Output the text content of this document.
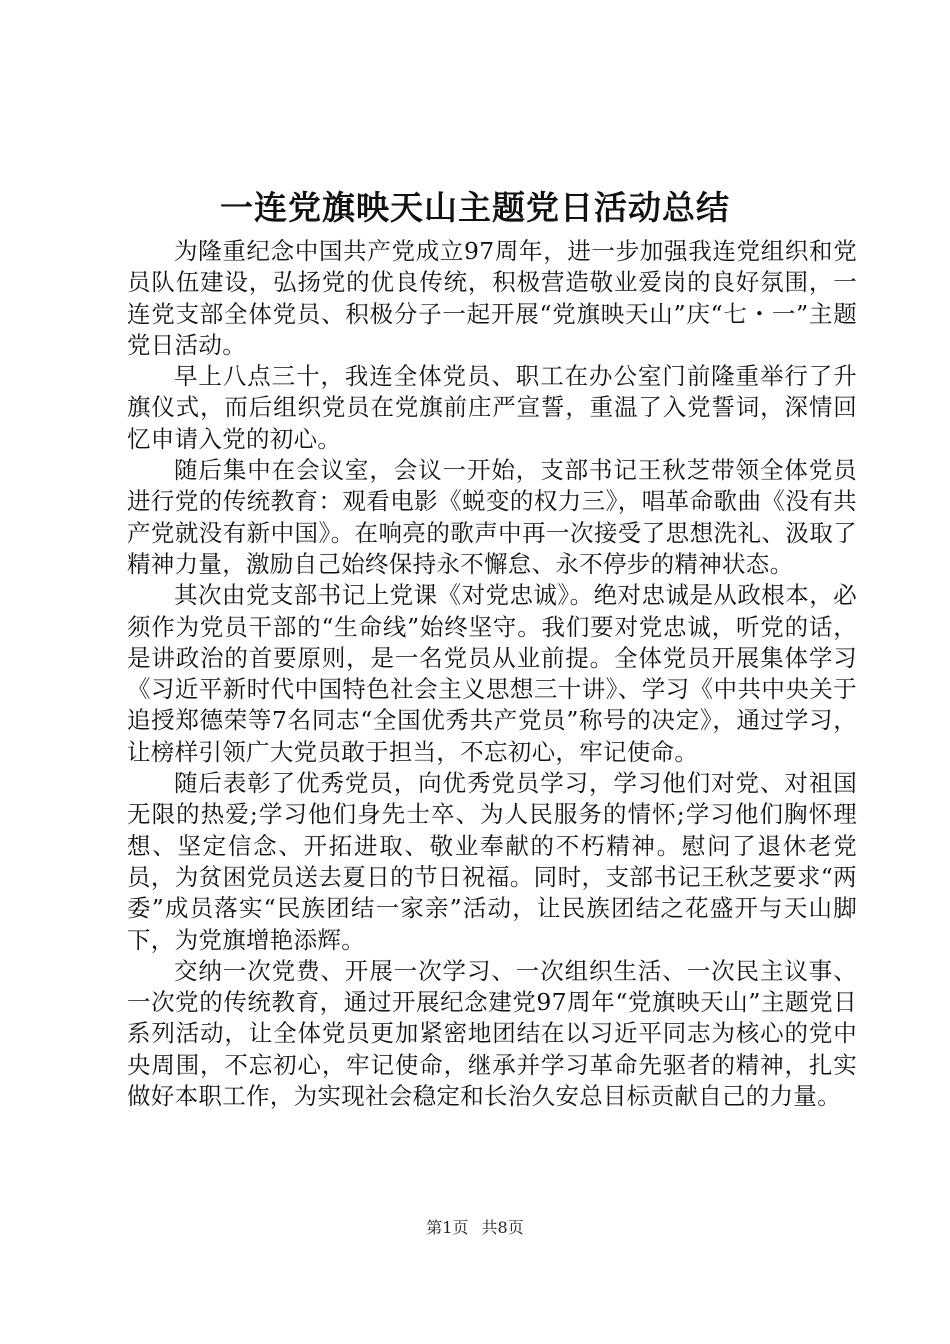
一连党旗映天山主题党日活动总结

为隆重纪念中国共产党成立97周年，进一步加强我连党组织和党员队伍建设，弘扬党的优良传统，积极营造敬业爱岗的良好氛围，一连党支部全体党员、积极分子一起开展“党旗映天山”庆“七・一”主题党日活动。

早上八点三十，我连全体党员、职工在办公室门前隆重举行了升旗仪式，而后组织党员在党旗前庄严宣誓，重温了入党誓词，深情回忆申请入党的初心。

随后集中在会议室，会议一开始，支部书记王秋芝带领全体党员进行党的传统教育：观看电影《蜕变的权力三》，唱革命歌曲《没有共产党就没有新中国》。在响亮的歌声中再一次接受了思想洗礼、汲取了精神力量，激励自己始终保持永不懈怠、永不停步的精神状态。

其次由党支部书记上党课《对党忠诚》。绝对忠诚是从政根本，必须作为党员干部的“生命线”始终坚守。我们要对党忠诚，听党的话，是讲政治的首要原则，是一名党员从业前提。全体党员开展集体学习《习近平新时代中国特色社会主义思想三十讲》、学习《中共中央关于追授郑德荣等7名同志“全国优秀共产党员”称号的决定》，通过学习，让榜样引领广大党员敢于担当，不忘初心，牢记使命。

随后表彰了优秀党员，向优秀党员学习，学习他们对党、对祖国无限的热爱;学习他们身先士卒、为人民服务的情怀;学习他们胸怀理想、坚定信念、开拓进取、敬业奉献的不朽精神。慰问了退休老党员，为贫困党员送去夏日的节日祝福。同时，支部书记王秋芝要求“两委”成员落实“民族团结一家亲”活动，让民族团结之花盛开与天山脚下，为党旗增艳添辉。

交纳一次党费、开展一次学习、一次组织生活、一次民主议事、一次党的传统教育，通过开展纪念建党97周年“党旗映天山”主题党日系列活动，让全体党员更加紧密地团结在以习近平同志为核心的党中央周围，不忘初心，牢记使命，继承并学习革命先驱者的精神，扎实做好本职工作，为实现社会稳定和长治久安总目标贡献自己的力量。

第1页 共8页
